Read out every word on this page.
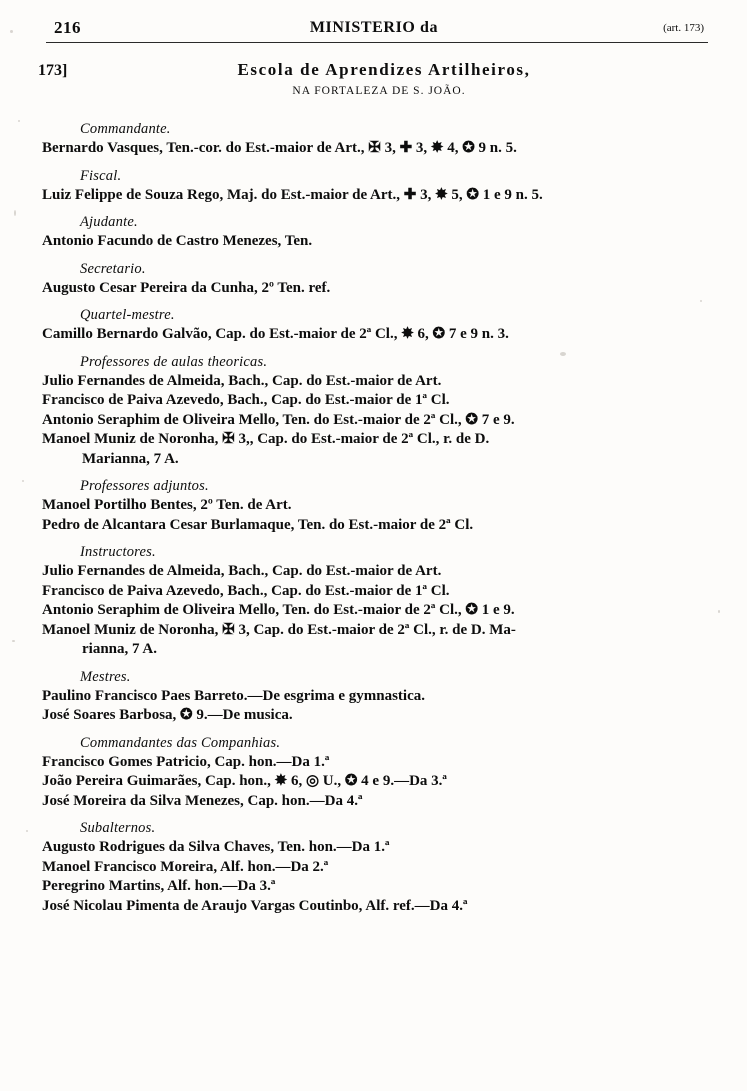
216	MINISTERIO da	(art. 173)
173]	Escola de Aprendizes Artilheiros,
NA FORTALEZA DE S. JOÃO.
Commandante.
Bernardo Vasques, Ten.-cor. do Est.-maior de Art., ✠ 3, ✚ 3, ✸ 4, ✪ 9 n. 5.
Fiscal.
Luiz Felippe de Souza Rego, Maj. do Est.-maior de Art., ✚ 3, ✸ 5, ✪ 1 e 9 n. 5.
Ajudante.
Antonio Facundo de Castro Menezes, Ten.
Secretario.
Augusto Cesar Pereira da Cunha, 2º Ten. ref.
Quartel-mestre.
Camillo Bernardo Galvão, Cap. do Est.-maior de 2ª Cl., ✸ 6, ✪ 7 e 9 n. 3.
Professores de aulas theoricas.
Julio Fernandes de Almeida, Bach., Cap. do Est.-maior de Art.
Francisco de Paiva Azevedo, Bach., Cap. do Est.-maior de 1ª Cl.
Antonio Seraphim de Oliveira Mello, Ten. do Est.-maior de 2ª Cl., ✪ 7 e 9.
Manoel Muniz de Noronha, ✠ 3,, Cap. do Est.-maior de 2ª Cl., r. de D.
Marianna, 7 A.
Professores adjuntos.
Manoel Portilho Bentes, 2º Ten. de Art.
Pedro de Alcantara Cesar Burlamaque, Ten. do Est.-maior de 2ª Cl.
Instructores.
Julio Fernandes de Almeida, Bach., Cap. do Est.-maior de Art.
Francisco de Paiva Azevedo, Bach., Cap. do Est.-maior de 1ª Cl.
Antonio Seraphim de Oliveira Mello, Ten. do Est.-maior de 2ª Cl., ✪ 1 e 9.
Manoel Muniz de Noronha, ✠ 3, Cap. do Est.-maior de 2ª Cl., r. de D. Ma-
rianna, 7 A.
Mestres.
Paulino Francisco Paes Barreto.—De esgrima e gymnastica.
José Soares Barbosa, ✪ 9.—De musica.
Commandantes das Companhias.
Francisco Gomes Patricio, Cap. hon.—Da 1.ª
João Pereira Guimarães, Cap. hon., ✸ 6, ◎ U., ✪ 4 e 9.—Da 3.ª
José Moreira da Silva Menezes, Cap. hon.—Da 4.ª
Subalternos.
Augusto Rodrigues da Silva Chaves, Ten. hon.—Da 1.ª
Manoel Francisco Moreira, Alf. hon.—Da 2.ª
Peregrino Martins, Alf. hon.—Da 3.ª
José Nicolau Pimenta de Araujo Vargas Coutinbo, Alf. ref.—Da 4.ª
